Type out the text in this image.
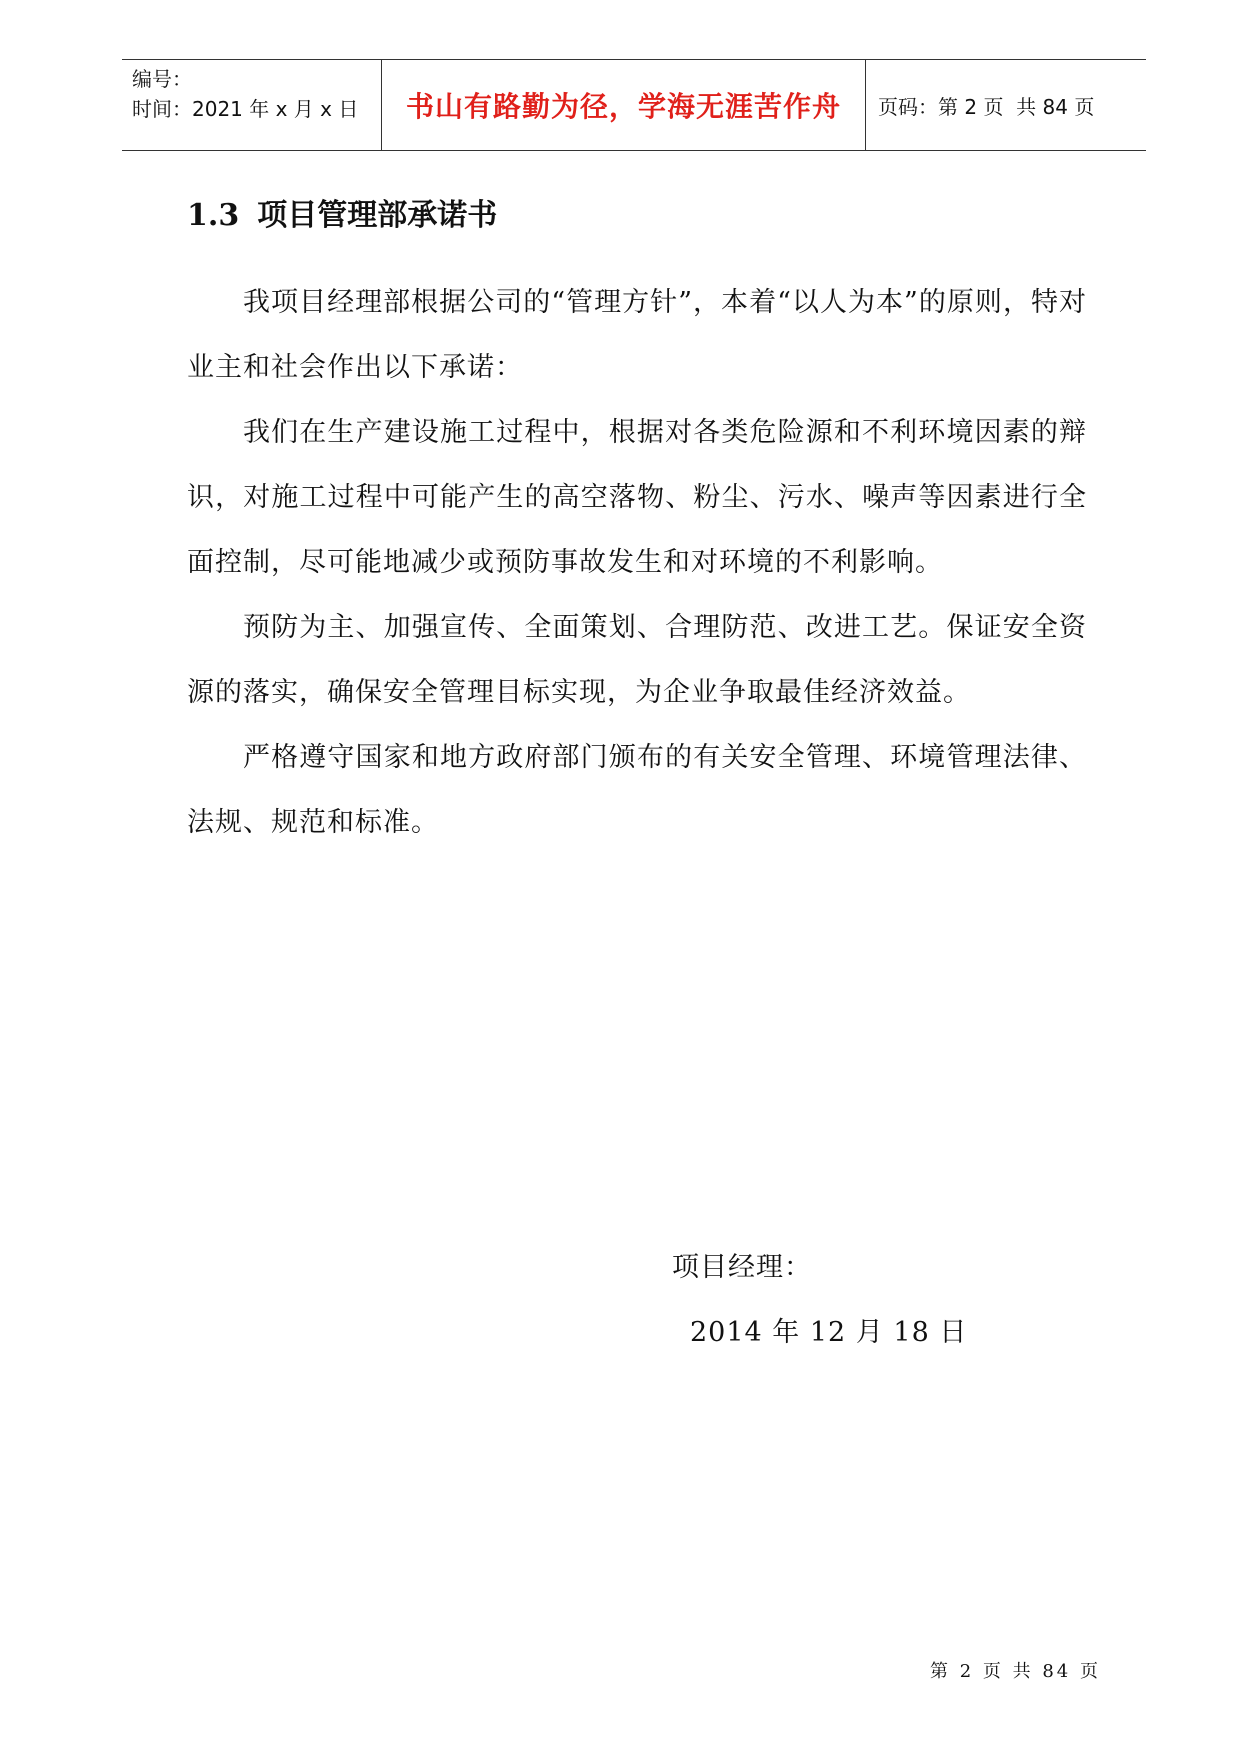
编号：
时间：2021 年 x 月 x 日	书山有路勤为径，学海无涯苦作舟	页码：第 2 页  共 84 页
1.3 项目管理部承诺书

我项目经理部根据公司的“管理方针”，本着“以人为本”的原则，特对业主和社会作出以下承诺：

我们在生产建设施工过程中，根据对各类危险源和不利环境因素的辩识，对施工过程中可能产生的高空落物、粉尘、污水、噪声等因素进行全面控制，尽可能地减少或预防事故发生和对环境的不利影响。

预防为主、加强宣传、全面策划、合理防范、改进工艺。保证安全资源的落实，确保安全管理目标实现，为企业争取最佳经济效益。

严格遵守国家和地方政府部门颁布的有关安全管理、环境管理法律、法规、规范和标准。

项目经理：
2014 年 12 月 18 日
第 2 页 共 84 页
